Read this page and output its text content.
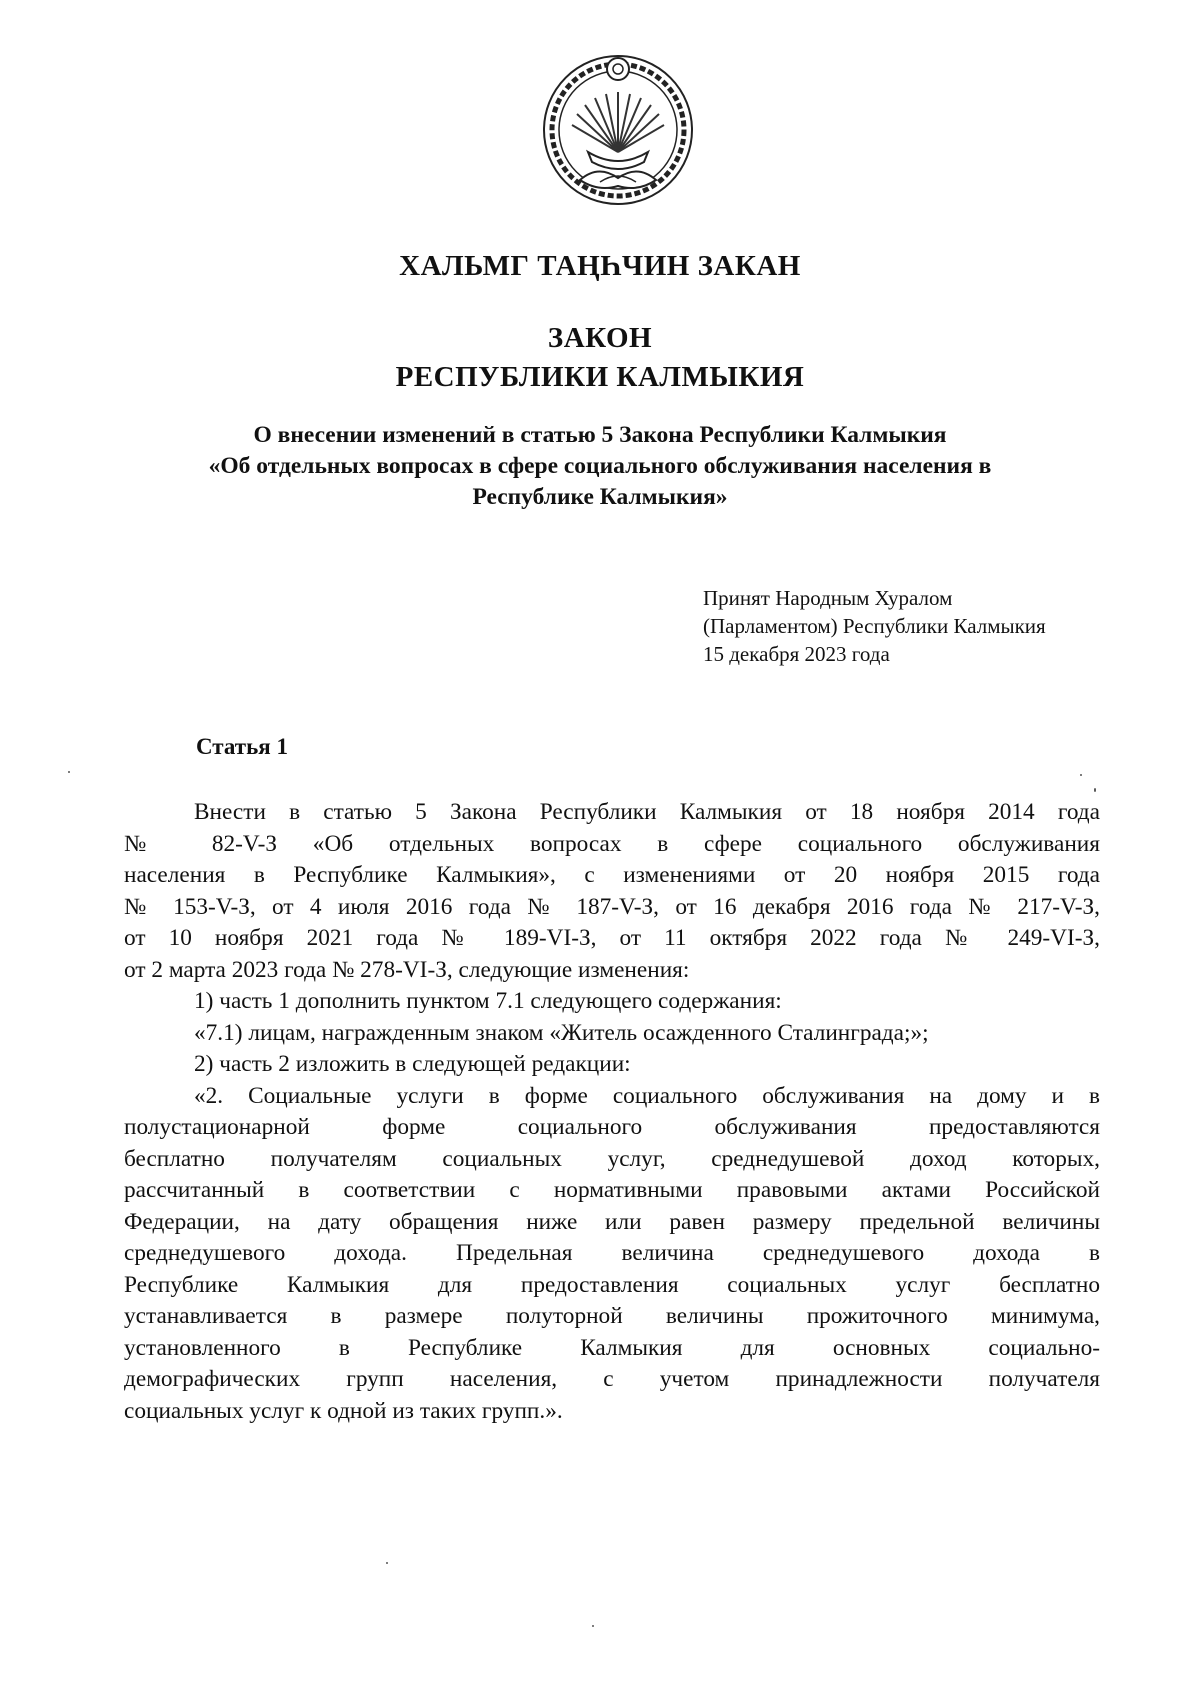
ХАЛЬМГ ТАҢҺЧИН ЗАКАН
ЗАКОН
РЕСПУБЛИКИ КАЛМЫКИЯ
О внесении изменений в статью 5 Закона Республики Калмыкия
«Об отдельных вопросах в сфере социального обслуживания населения в
Республике Калмыкия»
Принят Народным Хуралом
(Парламентом) Республики Калмыкия
15 декабря 2023 года
Статья 1
Внести в статью 5 Закона Республики Калмыкия от 18 ноября 2014 года
№ 82-V-З «Об отдельных вопросах в сфере социального обслуживания
населения в Республике Калмыкия», с изменениями от 20 ноября 2015 года
№ 153-V-З, от 4 июля 2016 года № 187-V-З, от 16 декабря 2016 года № 217-V-З,
от 10 ноября 2021 года № 189-VI-З, от 11 октября 2022 года № 249-VI-З,
от 2 марта 2023 года № 278-VI-З, следующие изменения:
1) часть 1 дополнить пунктом 7.1 следующего содержания:
«7.1) лицам, награжденным знаком «Житель осажденного Сталинграда;»;
2) часть 2 изложить в следующей редакции:
«2. Социальные услуги в форме социального обслуживания на дому и в
полустационарной форме социального обслуживания предоставляются
бесплатно получателям социальных услуг, среднедушевой доход которых,
рассчитанный в соответствии с нормативными правовыми актами Российской
Федерации, на дату обращения ниже или равен размеру предельной величины
среднедушевого дохода. Предельная величина среднедушевого дохода в
Республике Калмыкия для предоставления социальных услуг бесплатно
устанавливается в размере полуторной величины прожиточного минимума,
установленного в Республике Калмыкия для основных социально-
демографических групп населения, с учетом принадлежности получателя
социальных услуг к одной из таких групп.».
